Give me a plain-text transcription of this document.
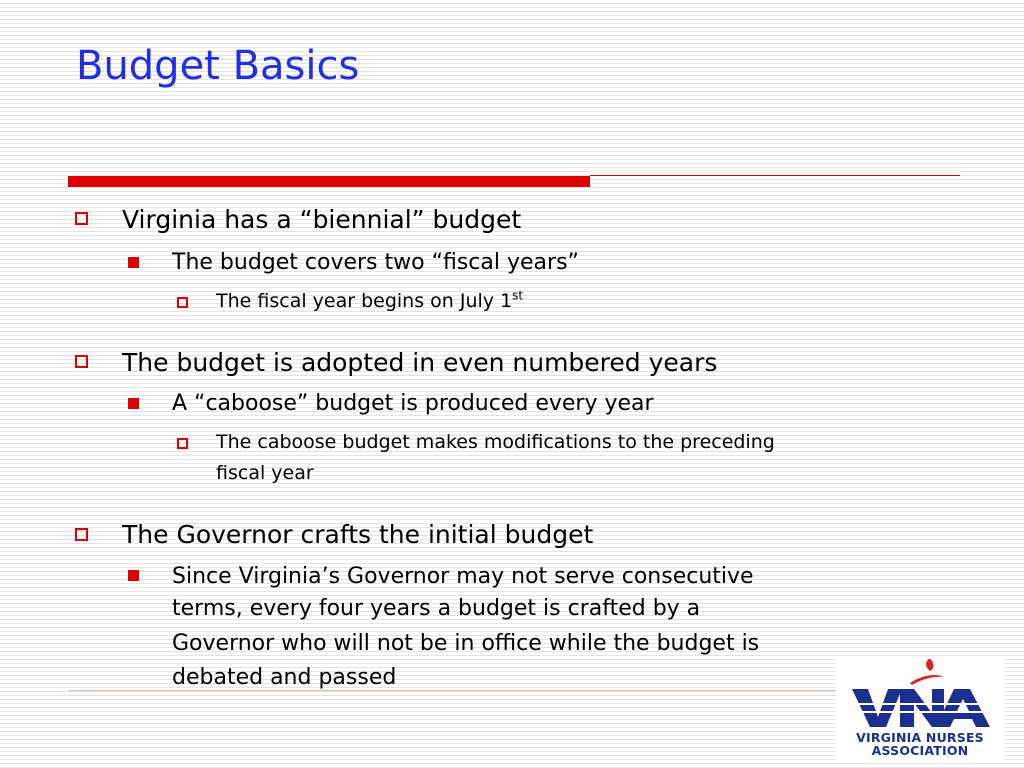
Budget Basics
Virginia has a “biennial” budget
The budget covers two “fiscal years”
The fiscal year begins on July 1st
The budget is adopted in even numbered years
A “caboose” budget is produced every year
The caboose budget makes modifications to the preceding
fiscal year
The Governor crafts the initial budget
Since Virginia’s Governor may not serve consecutive
terms, every four years a budget is crafted by a
Governor who will not be in office while the budget is
debated and passed
VIRGINIA NURSES
ASSOCIATION
